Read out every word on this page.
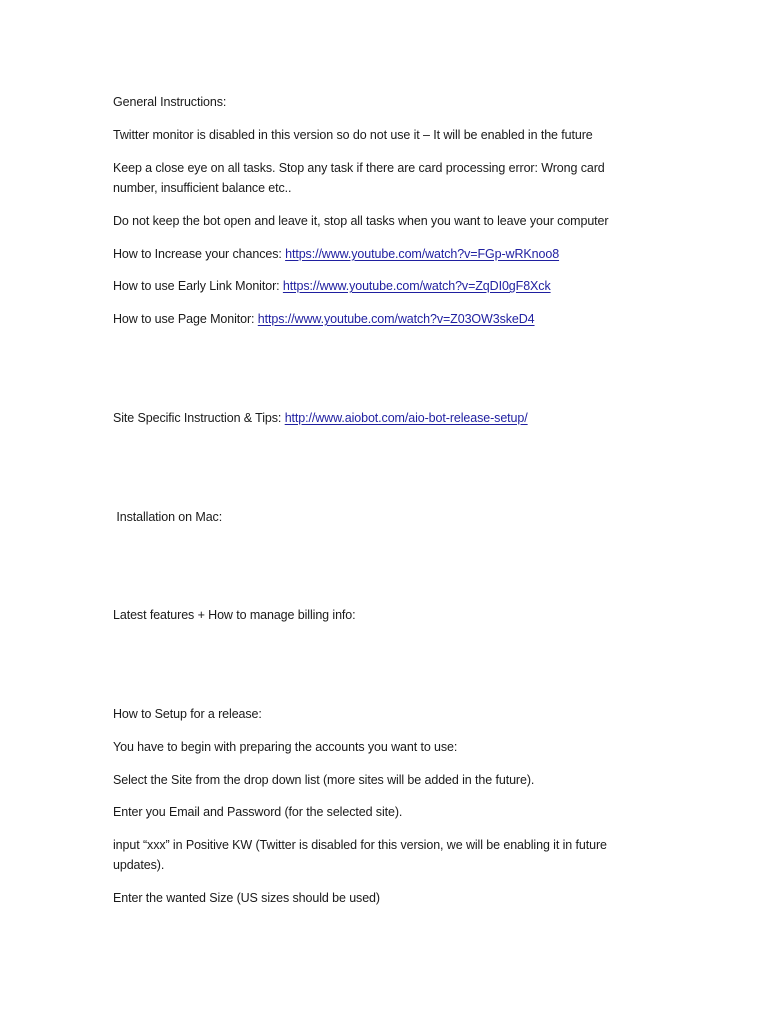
General Instructions:
Twitter monitor is disabled in this version so do not use it – It will be enabled in the future
Keep a close eye on all tasks. Stop any task if there are card processing error: Wrong card number, insufficient balance etc..
Do not keep the bot open and leave it, stop all tasks when you want to leave your computer
How to Increase your chances: https://www.youtube.com/watch?v=FGp-wRKnoo8
How to use Early Link Monitor: https://www.youtube.com/watch?v=ZqDI0gF8Xck
How to use Page Monitor: https://www.youtube.com/watch?v=Z03OW3skeD4
Site Specific Instruction & Tips: http://www.aiobot.com/aio-bot-release-setup/
Installation on Mac:
Latest features + How to manage billing info:
How to Setup for a release:
You have to begin with preparing the accounts you want to use:
Select the Site from the drop down list (more sites will be added in the future).
Enter you Email and Password (for the selected site).
input “xxx” in Positive KW (Twitter is disabled for this version, we will be enabling it in future updates).
Enter the wanted Size (US sizes should be used)
